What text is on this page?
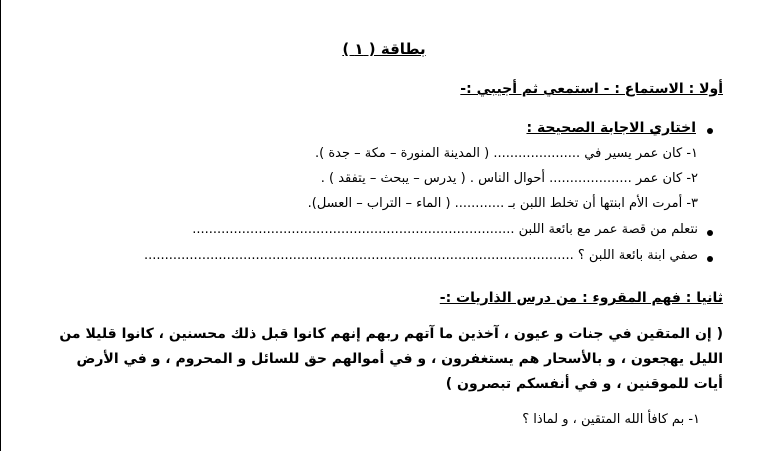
بطاقة ( ١ )
أولا : الاستماع : - استمعي ثم أجيبي :-
اختاري الاجابة الصحيحة :
١- كان عمر يسير في ..................... ( المدينة المنورة – مكة – جدة ).
٢- كان عمر .................... أحوال الناس . ( يدرس – يبحث – يتفقد ) .
٣- أمرت الأم ابنتها أن تخلط اللبن بـ ............ ( الماء – التراب – العسل).
نتعلم من قصة عمر مع بائعة اللبن ..............................................................................
صفي ابنة بائعة اللبن ؟ ........................................................................................................
ثانيا : فهم المقروء : من درس الذاريات :-
( إن المتقين في جنات و عيون ، آخذين ما آتهم ربهم إنهم كانوا قبل ذلك محسنين ، كانوا قليلا من الليل يهجعون ، و بالأسحار هم يستغفرون ، و في أموالهم حق للسائل و المحروم ، و في الأرض أيات للموقنين ، و في أنفسكم تبصرون )
١- بم كافأ الله المتقين ، و لماذا ؟
